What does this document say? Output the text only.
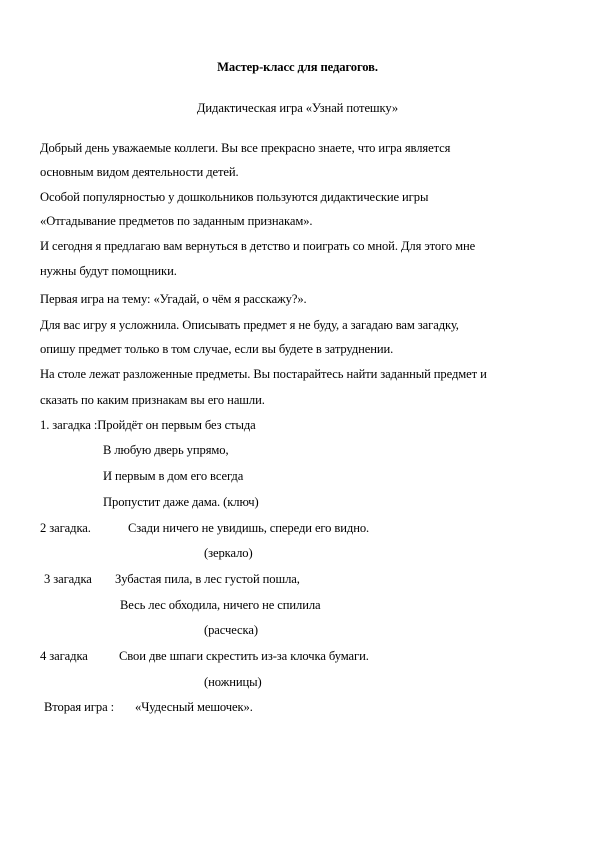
Мастер-класс для педагогов.
Дидактическая игра «Узнай потешку»
Добрый день уважаемые коллеги. Вы все прекрасно знаете, что игра является
основным видом деятельности детей.
Особой популярностью у дошкольников пользуются дидактические игры
«Отгадывание предметов по заданным признакам».
И сегодня я предлагаю вам вернуться в детство и поиграть со мной. Для этого мне
нужны будут помощники.
Первая игра на тему: «Угадай, о чём я расскажу?».
Для вас игру я усложнила. Описывать предмет я не буду, а загадаю вам загадку,
опишу предмет только в том случае, если вы будете в затруднении.
На столе лежат разложенные предметы. Вы постарайтесь найти заданный предмет и
сказать по каким признакам вы его нашли.
1. загадка :Пройдёт он первым без стыда
В любую дверь упрямо,
И первым в дом его всегда
Пропустит даже дама. (ключ)
2 загадка.	Сзади ничего не увидишь, спереди его видно.
(зеркало)
3 загадка Зубастая пила, в лес густой пошла,
Весь лес обходила, ничего не спилила
(расческа)
4 загадка Свои две шпаги скрестить из-за клочка бумаги.
(ножницы)
Вторая игра : «Чудесный мешочек».
